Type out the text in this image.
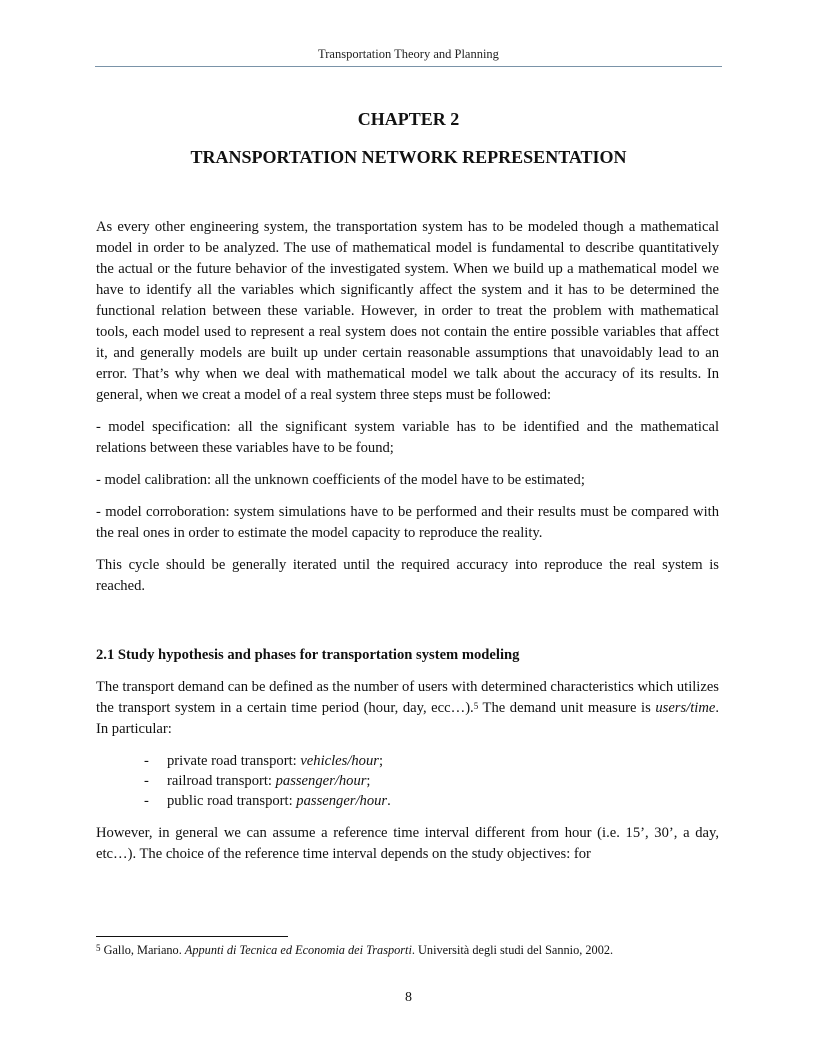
Transportation Theory and Planning
CHAPTER 2
TRANSPORTATION NETWORK REPRESENTATION

As every other engineering system, the transportation system has to be modeled though a mathematical model in order to be analyzed. The use of mathematical model is fundamental to describe quantitatively the actual or the future behavior of the investigated system. When we build up a mathematical model we have to identify all the variables which significantly affect the system and it has to be determined the functional relation between these variable. However, in order to treat the problem with mathematical tools, each model used to represent a real system does not contain the entire possible variables that affect it, and generally models are built up under certain reasonable assumptions that unavoidably lead to an error. That’s why when we deal with mathematical model we talk about the accuracy of its results. In general, when we creat a model of a real system three steps must be followed:

- model specification: all the significant system variable has to be identified and the mathematical relations between these variables have to be found;

- model calibration: all the unknown coefficients of the model have to be estimated;

- model corroboration: system simulations have to be performed and their results must be compared with the real ones in order to estimate the model capacity to reproduce the reality.

This cycle should be generally iterated until the required accuracy into reproduce the real system is reached.

2.1 Study hypothesis and phases for transportation system modeling

The transport demand can be defined as the number of users with determined characteristics which utilizes the transport system in a certain time period (hour, day, ecc…).$^5$ The demand unit measure is users/time. In particular:

- private road transport: vehicles/hour;
- railroad transport: passenger/hour;
- public road transport: passenger/hour.

However, in general we can assume a reference time interval different from hour (i.e. 15’, 30’, a day, etc…). The choice of the reference time interval depends on the study objectives: for

$^5$ Gallo, Mariano. Appunti di Tecnica ed Economia dei Trasporti. Università degli studi del Sannio, 2002.
8
